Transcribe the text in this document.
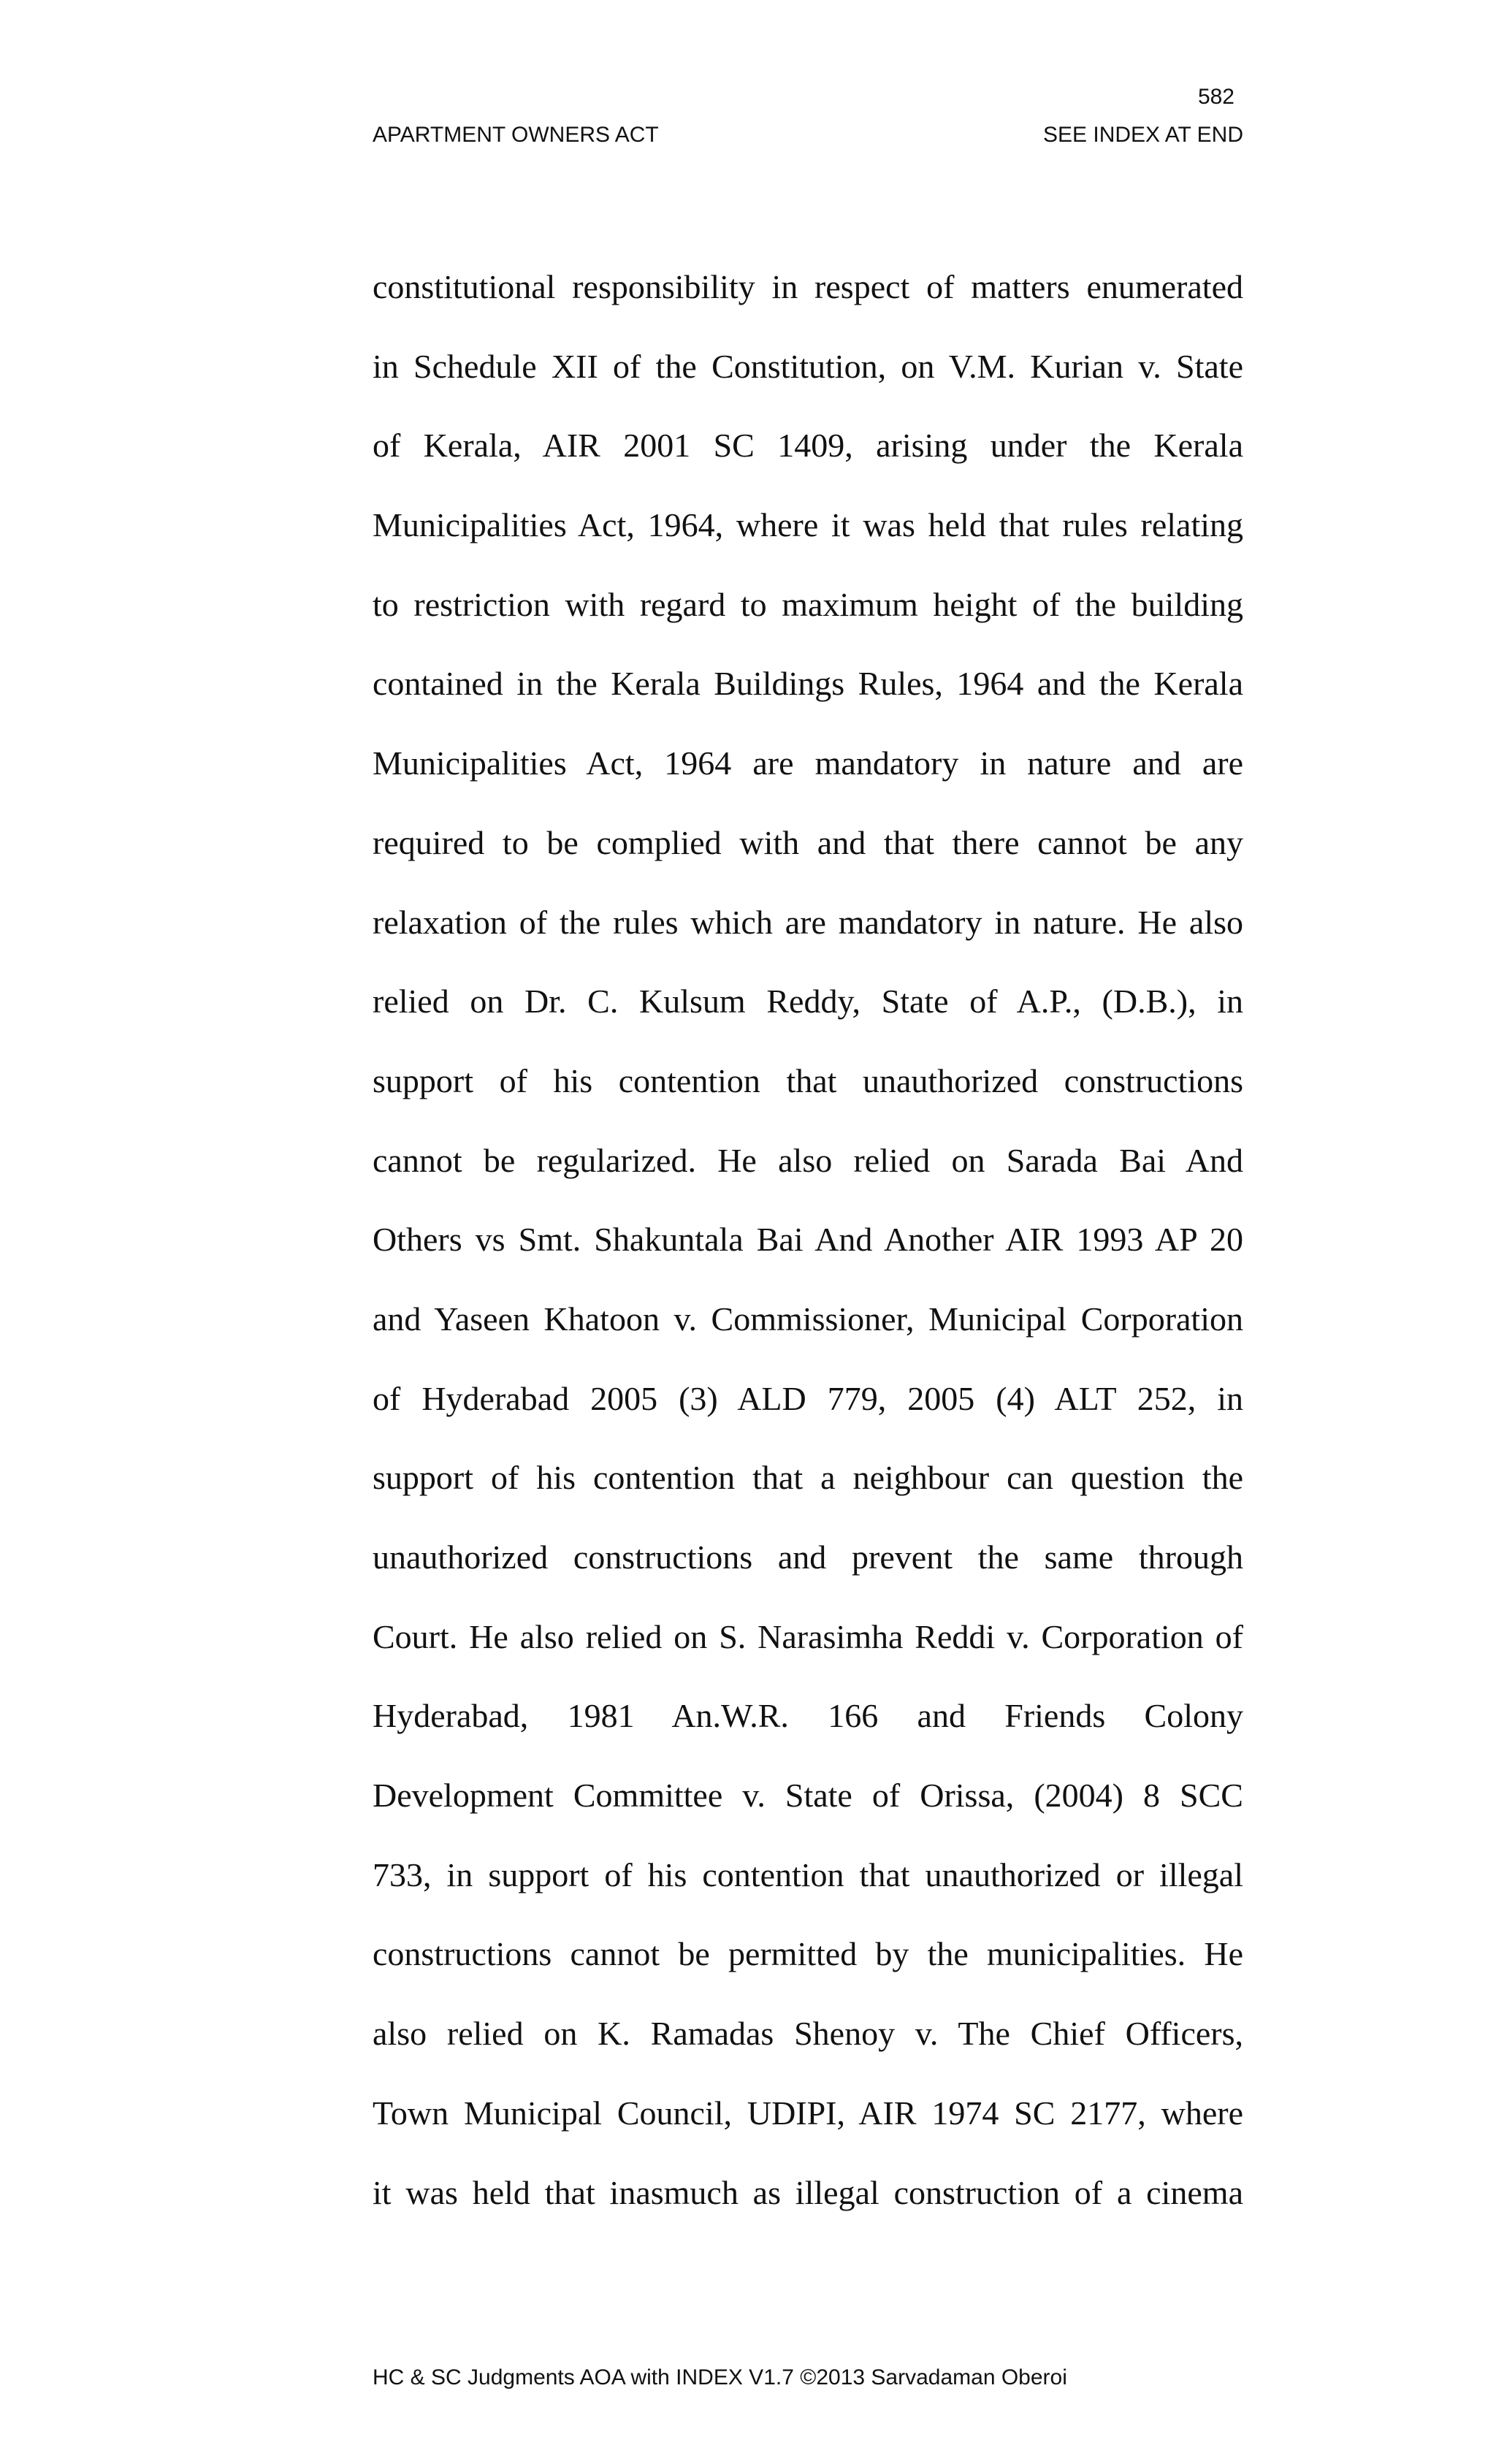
582
APARTMENT OWNERS ACT	SEE INDEX AT END
constitutional responsibility in respect of matters enumerated
in Schedule XII of the Constitution, on V.M. Kurian v. State
of Kerala, AIR 2001 SC 1409, arising under the Kerala
Municipalities Act, 1964, where it was held that rules relating
to restriction with regard to maximum height of the building
contained in the Kerala Buildings Rules, 1964 and the Kerala
Municipalities Act, 1964 are mandatory in nature and are
required to be complied with and that there cannot be any
relaxation of the rules which are mandatory in nature. He also
relied on Dr. C. Kulsum Reddy, State of A.P., (D.B.), in
support of his contention that unauthorized constructions
cannot be regularized. He also relied on Sarada Bai And
Others vs Smt. Shakuntala Bai And Another AIR 1993 AP 20
and Yaseen Khatoon v. Commissioner, Municipal Corporation
of Hyderabad 2005 (3) ALD 779, 2005 (4) ALT 252, in
support of his contention that a neighbour can question the
unauthorized constructions and prevent the same through
Court. He also relied on S. Narasimha Reddi v. Corporation of
Hyderabad, 1981 An.W.R. 166 and Friends Colony
Development Committee v. State of Orissa, (2004) 8 SCC
733, in support of his contention that unauthorized or illegal
constructions cannot be permitted by the municipalities. He
also relied on K. Ramadas Shenoy v. The Chief Officers,
Town Municipal Council, UDIPI, AIR 1974 SC 2177, where
it was held that inasmuch as illegal construction of a cinema
HC & SC Judgments AOA with INDEX V1.7 ©2013 Sarvadaman Oberoi
